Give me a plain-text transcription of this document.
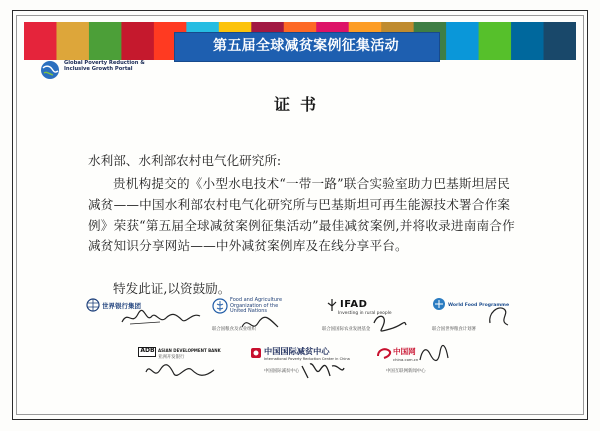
第五届全球减贫案例征集活动
Global Poverty Reduction &
Inclusive Growth Portal
证书
水利部、水利部农村电气化研究所:
贵机构提交的《小型水电技术“一带一路”联合实验室助力巴基斯坦居民减贫——中国水利部农村电气化研究所与巴基斯坦可再生能源技术署合作案例》荣获“第五届全球减贫案例征集活动”最佳减贫案例,并将收录进南南合作减贫知识分享网站——中外减贫案例库及在线分享平台。
特发此证,以资鼓励。
世界银行集团
Food and Agriculture
Organization of the
United Nations
联合国粮食及农业组织
IFAD
Investing in rural people
联合国国际农业发展基金
World Food Programme
联合国世界粮食计划署
ADB ASIAN DEVELOPMENT BANK
亚洲开发银行
中国国际减贫中心
International Poverty Reduction Center in China
中国国际减贫中心
中国网
china.com.cn
中国互联网新闻中心
